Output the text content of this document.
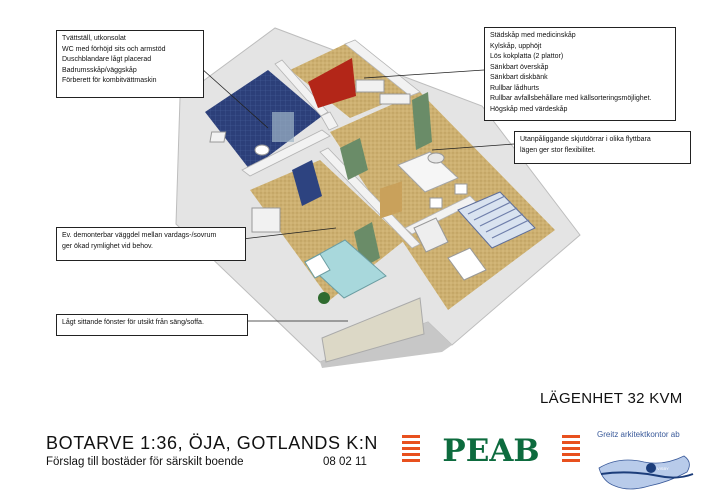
Tvättställ, utkonsolat
WC med förhöjd sits och armstöd
Duschblandare lågt placerad
Badrumsskåp/väggskåp
Förberett för kombitvättmaskin
Städskåp med medicinskåp
Kylskåp, upphöjt
Lös kokplatta (2 plattor)
Sänkbart överskåp
Sänkbart diskbänk
Rullbar lådhurts
Rullbar avfallsbehållare med källsorteringsmöjlighet.
Högskåp med värdeskåp
Utanpåliggande skjutdörrar i olika flyttbara
lägen ger stor flexibilitet.
Ev. demonterbar väggdel mellan vardags-/sovrum
ger ökad rymlighet vid behov.
Lågt sittande fönster för utsikt från säng/soffa.
LÄGENHET 32 KVM
BOTARVE 1:36, ÖJA, GOTLANDS K:N
Förslag till bostäder för särskilt boende	08 02 11 PEAB	Greitz arkitektkontor ab
VISBY
